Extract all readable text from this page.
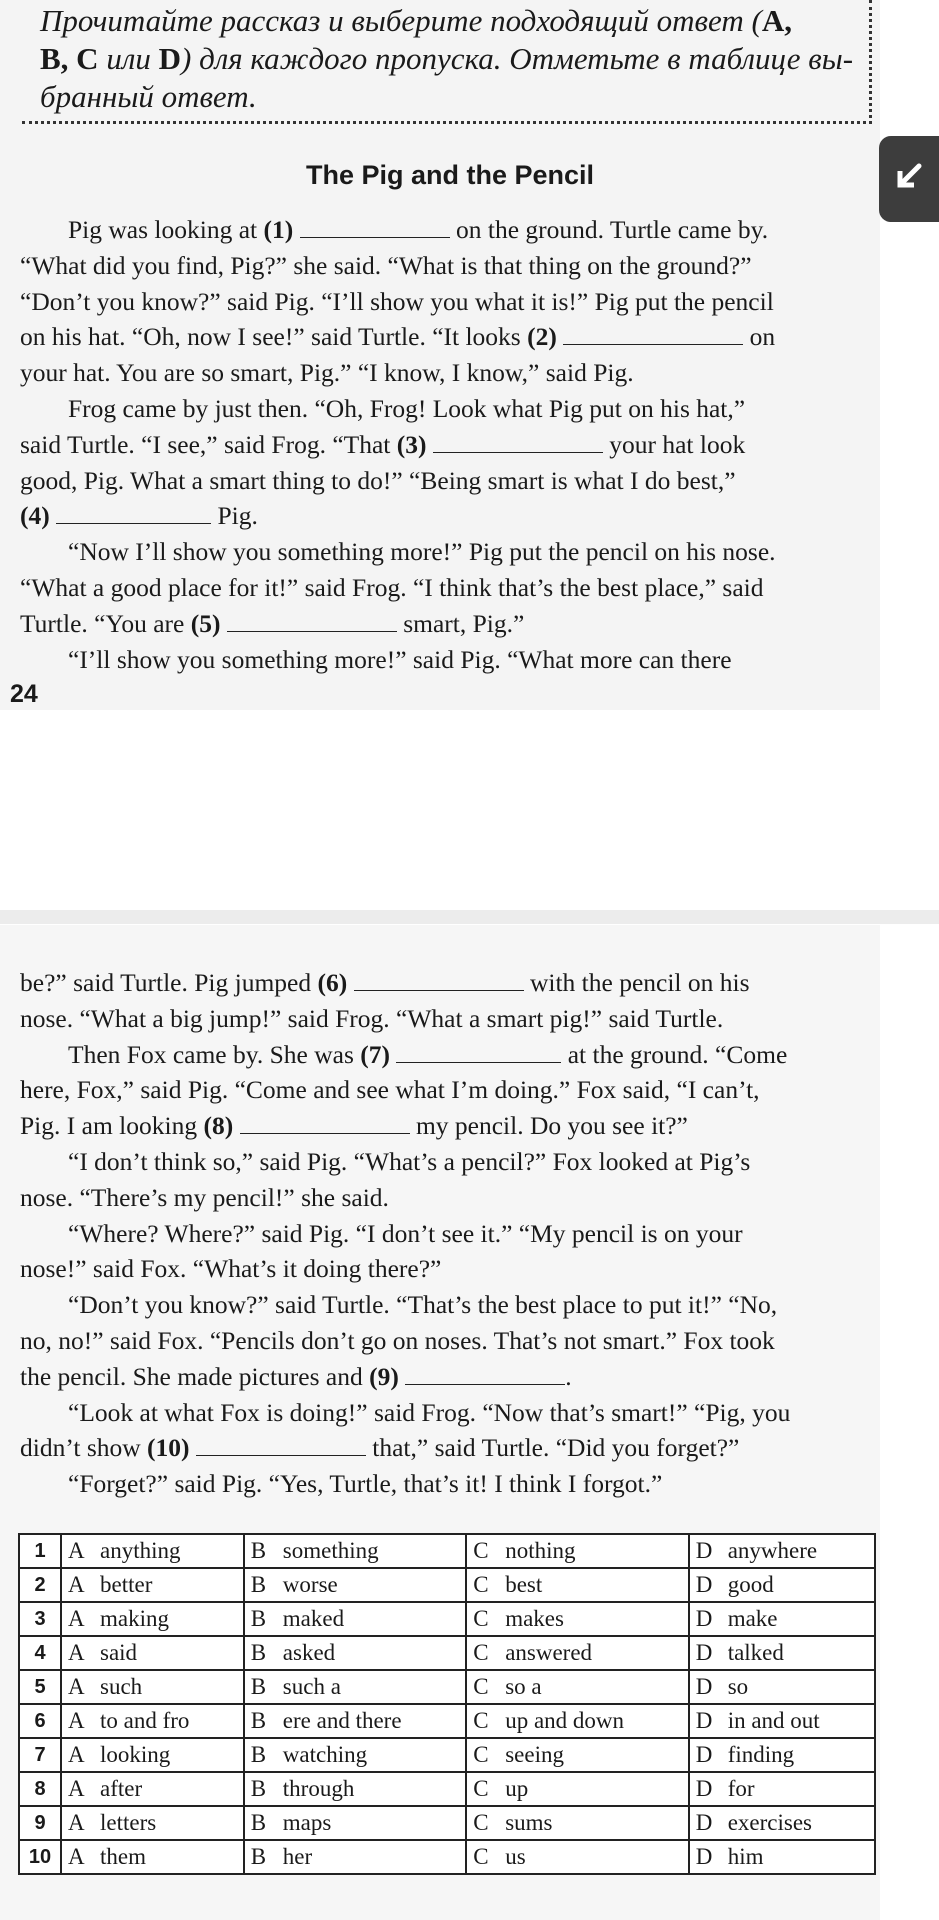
Прочитайте рассказ и выберите подходящий ответ (A,
B, C или D) для каждого пропуска. Отметьте в таблице вы-
бранный ответ.
The Pig and the Pencil

Pig was looking at (1)	on the ground. Turtle came by.

“What did you find, Pig?” she said. “What is that thing on the ground?”

“Don’t you know?” said Pig. “I’ll show you what it is!” Pig put the pencil

on his hat. “Oh, now I see!” said Turtle. “It looks (2)	on

your hat. You are so smart, Pig.” “I know, I know,” said Pig.

Frog came by just then. “Oh, Frog! Look what Pig put on his hat,”

said Turtle. “I see,” said Frog. “That (3)	your hat look

good, Pig. What a smart thing to do!” “Being smart is what I do best,”

(4)	Pig.

“Now I’ll show you something more!” Pig put the pencil on his nose.

“What a good place for it!” said Frog. “I think that’s the best place,” said

Turtle. “You are (5)	smart, Pig.”

“I’ll show you something more!” said Pig. “What more can there

24

be?” said Turtle. Pig jumped (6)	with the pencil on his

nose. “What a big jump!” said Frog. “What a smart pig!” said Turtle.

Then Fox came by. She was (7)	at the ground. “Come

here, Fox,” said Pig. “Come and see what I’m doing.” Fox said, “I can’t,

Pig. I am looking (8)	my pencil. Do you see it?”

“I don’t think so,” said Pig. “What’s a pencil?” Fox looked at Pig’s

nose. “There’s my pencil!” she said.

“Where? Where?” said Pig. “I don’t see it.” “My pencil is on your

nose!” said Fox. “What’s it doing there?”

“Don’t you know?” said Turtle. “That’s the best place to put it!” “No,

no, no!” said Fox. “Pencils don’t go on noses. That’s not smart.” Fox took

the pencil. She made pictures and (9)	.

“Look at what Fox is doing!” said Frog. “Now that’s smart!” “Pig, you

didn’t show (10)	that,” said Turtle. “Did you forget?”

“Forget?” said Pig. “Yes, Turtle, that’s it! I think I forgot.”

1	A anything	B something	C nothing	D anywhere
2	A better	B worse	C best	D good
3	A making	B maked	C makes	D make
4	A said	B asked	C answered	D talked
5	A such	B such a	C so a	D so
6	A to and fro	B ere and there	C up and down	D in and out
7	A looking	B watching	C seeing	D finding
8	A after	B through	C up	D for
9	A letters	B maps	C sums	D exercises
10	A them	B her	C us	D him
